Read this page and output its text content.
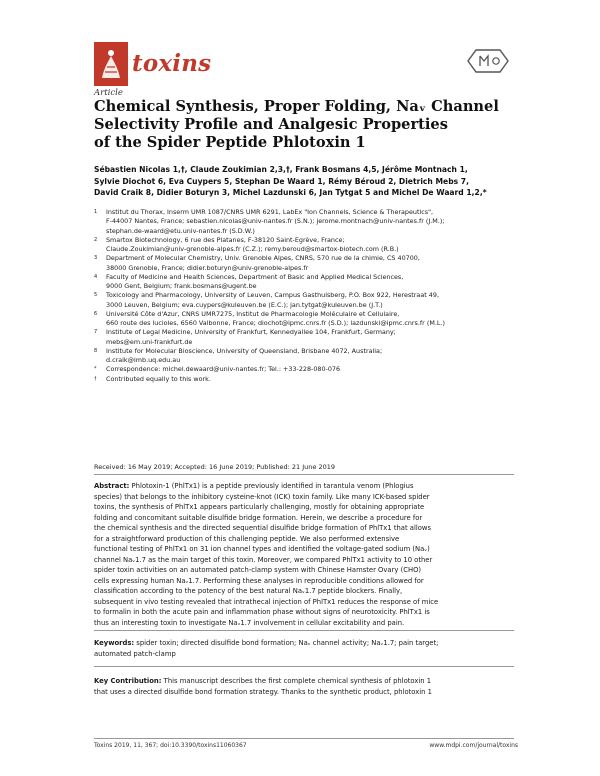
toxins
Article
Chemical Synthesis, Proper Folding, Naᵥ Channel
Selectivity Profile and Analgesic Properties
of the Spider Peptide Phlotoxin 1
Sébastien Nicolas 1,†, Claude Zoukimian 2,3,†, Frank Bosmans 4,5, Jérôme Montnach 1,
Sylvie Diochot 6, Eva Cuypers 5, Stephan De Waard 1, Rémy Béroud 2, Dietrich Mebs 7,
David Craik 8, Didier Boturyn 3, Michel Lazdunski 6, Jan Tytgat 5 and Michel De Waard 1,2,*
1	Institut du Thorax, Inserm UMR 1087/CNRS UMR 6291, LabEx "Ion Channels, Science & Therapeutics",
F-44007 Nantes, France; sebastien.nicolas@univ-nantes.fr (S.N.); jerome.montnach@univ-nantes.fr (J.M.);
stephan.de-waard@etu.univ-nantes.fr (S.D.W.)
2	Smartox Biotechnology, 6 rue des Platanes, F-38120 Saint-Egrève, France;
Claude.Zoukimian@univ-grenoble-alpes.fr (C.Z.); remy.beroud@smartox-biotech.com (R.B.)
3	Department of Molecular Chemistry, Univ. Grenoble Alpes, CNRS, 570 rue de la chimie, CS 40700,
38000 Grenoble, France; didier.boturyn@univ-grenoble-alpes.fr
4	Faculty of Medicine and Health Sciences, Department of Basic and Applied Medical Sciences,
9000 Gent, Belgium; frank.bosmans@ugent.be
5	Toxicology and Pharmacology, University of Leuven, Campus Gasthuisberg, P.O. Box 922, Herestraat 49,
3000 Leuven, Belgium; eva.cuypers@kuleuven.be (E.C.); jan.tytgat@kuleuven.be (J.T.)
6	Université Côte d'Azur, CNRS UMR7275, Institut de Pharmacologie Moléculaire et Cellulaire,
660 route des lucioles, 6560 Valbonne, France; diochot@ipmc.cnrs.fr (S.D.); lazdunski@ipmc.cnrs.fr (M.L.)
7	Institute of Legal Medicine, University of Frankfurt, Kennedyallee 104, Frankfurt, Germany;
mebs@em.uni-frankfurt.de
8	Institute for Molecular Bioscience, University of Queensland, Brisbane 4072, Australia;
d.craik@imb.uq.edu.au
*	Correspondence: michel.dewaard@univ-nantes.fr; Tel.: +33-228-080-076
†	Contributed equally to this work.
Received: 16 May 2019; Accepted: 16 June 2019; Published: 21 June 2019
Abstract: Phlotoxin-1 (PhlTx1) is a peptide previously identified in tarantula venom (Phlogius
species) that belongs to the inhibitory cysteine-knot (ICK) toxin family. Like many ICK-based spider
toxins, the synthesis of PhlTx1 appears particularly challenging, mostly for obtaining appropriate
folding and concomitant suitable disulfide bridge formation. Herein, we describe a procedure for
the chemical synthesis and the directed sequential disulfide bridge formation of PhlTx1 that allows
for a straightforward production of this challenging peptide. We also performed extensive
functional testing of PhlTx1 on 31 ion channel types and identified the voltage-gated sodium (Naᵥ)
channel Naᵥ1.7 as the main target of this toxin. Moreover, we compared PhlTx1 activity to 10 other
spider toxin activities on an automated patch-clamp system with Chinese Hamster Ovary (CHO)
cells expressing human Naᵥ1.7. Performing these analyses in reproducible conditions allowed for
classification according to the potency of the best natural Naᵥ1.7 peptide blockers. Finally,
subsequent in vivo testing revealed that intrathecal injection of PhlTx1 reduces the response of mice
to formalin in both the acute pain and inflammation phase without signs of neurotoxicity. PhlTx1 is
thus an interesting toxin to investigate Naᵥ1.7 involvement in cellular excitability and pain.
Keywords: spider toxin; directed disulfide bond formation; Naᵥ channel activity; Naᵥ1.7; pain target;
automated patch-clamp
Key Contribution: This manuscript describes the first complete chemical synthesis of phlotoxin 1
that uses a directed disulfide bond formation strategy. Thanks to the synthetic product, phlotoxin 1
Toxins 2019, 11, 367; doi:10.3390/toxins11060367	www.mdpi.com/journal/toxins
